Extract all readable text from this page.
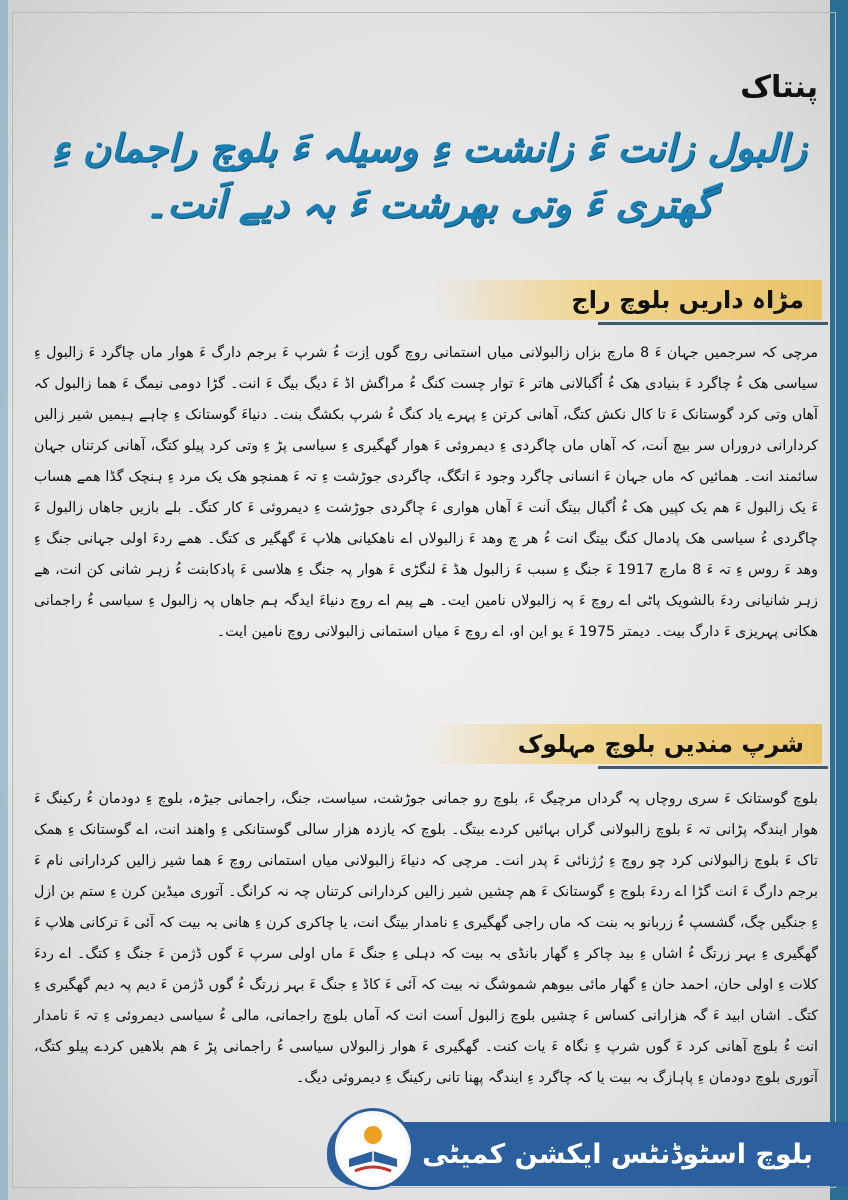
پنتاک
زالبول زانت ءَ زانشت ءِ وسیلہ ءَ بلوچ راجمان ءِ گھتری ءَ وتی بھرشت ءَ بہ دیے اَنت۔
مڑاہ داریں بلوچ راج

مرچی کہ سرجمیں جہان ءَ 8 مارچ بزاں زالبولانی میاں استمانی روچ گوں اِزت ءُ شرپ ءَ برجم دارگ ءَ ھوار ماں چاگرد ءَ زالبول ءِ سیاسی ھک ءُ چاگرد ءَ بنیادی ھک ءُ اُگبالانی ھاتر ءَ توار چست کنگ ءُ مراگش اڈ ءَ دیگ بیگ ءَ انت۔ گڑا دومی نیمگ ءَ ھما زالبول کہ آھاں وتی کرد گوستانک ءَ تا کال نکش کتگ، آھانی کرتن ءِ پہرے یاد کنگ ءُ شرپ بکشگ بنت۔ دنیاءَ گوستانک ءِ چاہے ہیمیں شیر زالیں کردارانی دروراں سر بیچ اَنت، کہ آھاں ماں چاگردی ءِ دیمروئی ءَ ھوار گھگیری ءِ سیاسی پڑ ءِ وتی کرد پیلو کتگ، آھانی کرتناں جہان سائمند انت۔ ھمائیں کہ ماں جہان ءَ انسانی چاگرد وجود ءَ اتگگ، چاگردی جوڑشت ءِ تہ ءَ ھمنچو ھک یک مرد ءِ ہنچک گڈا ھمے ھساب ءَ یک زالبول ءَ ھم یک کپیں ھک ءُ اُگبال بیتگ اَنت ءَ آھاں ھواری ءَ چاگردی جوڑشت ءِ دیمروئی ءَ کار کتگ۔ بلے بازیں جاھاں زالبول ءَ چاگردی ءُ سیاسی ھک پادمال کنگ بیتگ انت ءُ ھر چ وھد ءَ زالبولاں اے ناھکیانی ھلاپ ءَ گھگیر ی کتگ۔ ھمے ردءَ اولی جہانی جنگ ءِ وھد ءَ روس ءِ تہ ءَ 8 مارچ 1917 ءَ جنگ ءِ سبب ءَ زالبول ھڈ ءَ لنگڑی ءَ ھوار پہ جنگ ءِ ھلاسی ءَ پادکابنت ءُ زہر شانی کن انت، ھے زہر شانیانی ردءَ بالشویک پاٹی اے روچ ءَ پہ زالبولاں نامین ایت۔ ھے پیم اے روچ دنیاءَ ایدگہ ہم جاھاں پہ زالبول ءِ سیاسی ءُ راجمانی ھکانی پہریزی ءَ دارگ بیت۔ دیمتر 1975 ءَ یو این او، اے روچ ءَ میاں استمانی زالبولانی روچ نامین ایت۔

شرپ مندیں بلوچ مہلوک

بلوچ گوستانک ءَ سری روچاں پہ گرداں مرچیگ ءَ، بلوچ رو جمانی جوڑشت، سیاست، جنگ، راجمانی جیڑہ، بلوچ ءِ دودمان ءُ رکینگ ءَ ھوار ایندگہ پڑانی تہ ءَ بلوچ زالبولانی گراں بہائیں کردے بیتگ۔ بلوچ کہ یازدہ ھزار سالی گوستانکی ءِ واھند انت، اے گوستانک ءِ ھمک تاک ءَ بلوچ زالبولانی کرد چو روچ ءِ رُژنائی ءَ پدر انت۔ مرچی کہ دنیاءَ زالبولانی میاں استمانی روچ ءَ ھما شیر زالیں کردارانی نام ءَ برجم دارگ ءَ انت گڑا اے ردءَ بلوچ ءِ گوستانک ءَ ھم چشیں شیر زالیں کردارانی کرتناں چہ نہ کرانگ۔ آتوری میڈین کرن ءِ ستم بن ازل ءِ جنگیں چگ، گشسپ ءُ زربانو بہ بنت کہ ماں راجی گھگیری ءِ نامدار بیتگ انت، یا چاکری کرن ءِ ھانی بہ بیت کہ آئی ءَ ترکانی ھلاپ ءَ گھگیری ءِ بہر زرتگ ءُ اشاں ءِ بید چاکر ءِ گھار بانڈی بہ بیت کہ دہلی ءِ جنگ ءَ ماں اولی سرپ ءَ گوں ڈژمن ءَ جنگ ءِ کتگ۔ اے ردءَ کلات ءِ اولی حان، احمد حان ءِ گھار مائی بیوھم شموشگ نہ بیت کہ آئی ءَ کاڈ ءِ جنگ ءَ بہر زرتگ ءُ گوں ڈژمن ءَ دیم پہ دیم گھگیری ءِ کتگ۔ اشاں ابید ءَ گہ ھزارانی کساس ءَ چشیں بلوچ زالبول اَست انت کہ آماں بلوچ راجمانی، مالی ءُ سیاسی دیمروئی ءِ تہ ءَ نامدار انت ءُ بلوچ آھانی کرد ءَ گوں شرپ ءِ نگاہ ءَ یات کنت۔ گھگیری ءَ ھوار زالبولاں سیاسی ءُ راجمانی پڑ ءَ ھم بلاھیں کردے پیلو کتگ، آتوری بلوچ دودمان ءِ پاہازگ بہ بیت یا کہ چاگرد ءِ ایندگہ پھنا تانی رکینگ ءِ دیمروئی دیگ۔

بلوچ اسٹوڈنٹس ایکشن کمیٹی
